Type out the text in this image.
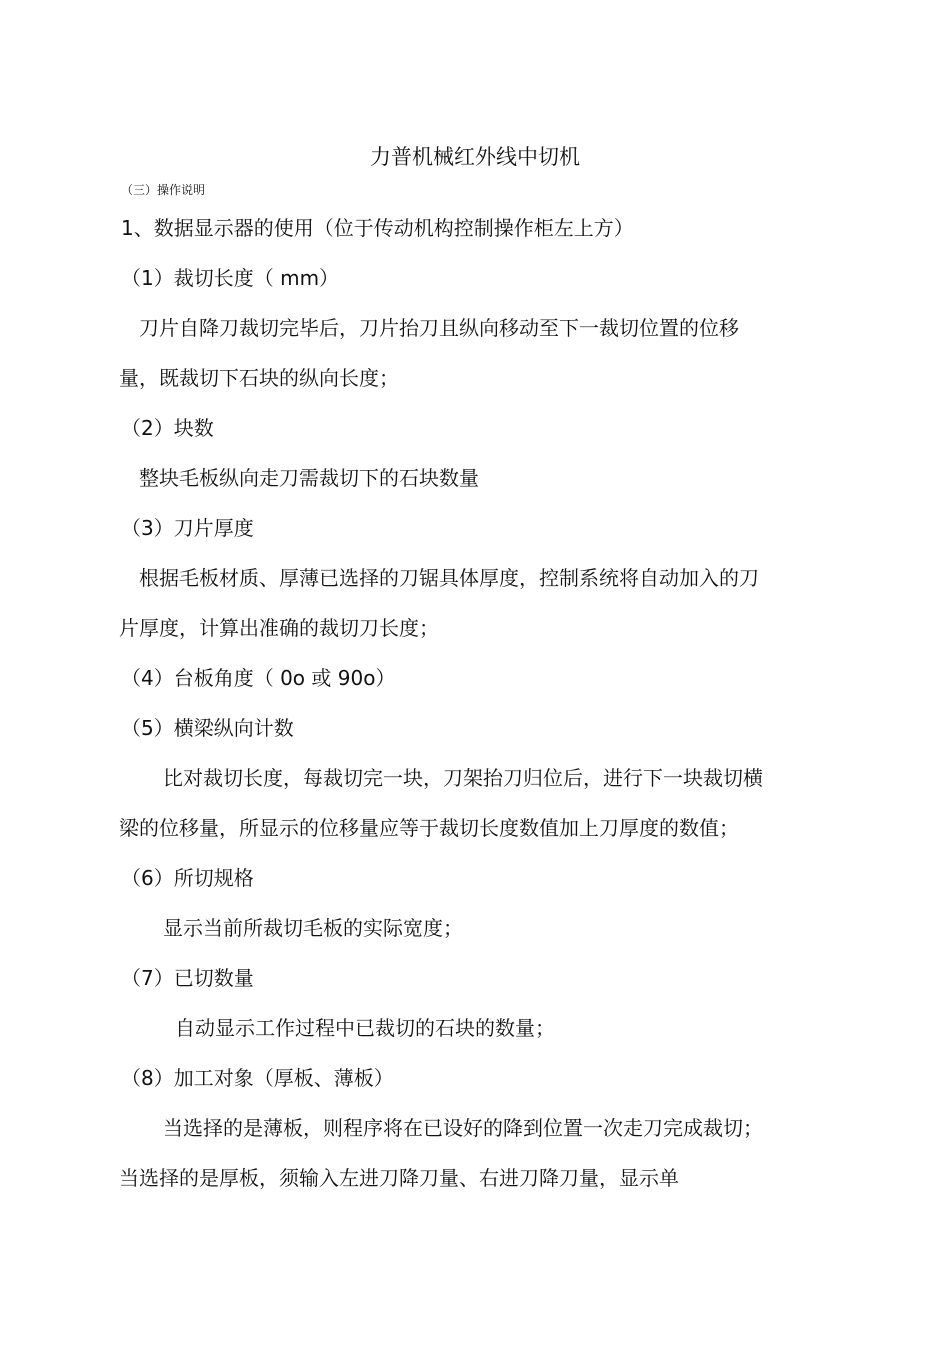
力普机械红外线中切机
（三）操作说明
1、数据显示器的使用（位于传动机构控制操作柜左上方）
（1）裁切长度（ mm）
刀片自降刀裁切完毕后，刀片抬刀且纵向移动至下一裁切位置的位移
量，既裁切下石块的纵向长度；
（2）块数
整块毛板纵向走刀需裁切下的石块数量
（3）刀片厚度
根据毛板材质、厚薄已选择的刀锯具体厚度，控制系统将自动加入的刀
片厚度，计算出准确的裁切刀长度；
（4）台板角度（ 0o 或 90o）
（5）横梁纵向计数
比对裁切长度，每裁切完一块，刀架抬刀归位后，进行下一块裁切横
梁的位移量，所显示的位移量应等于裁切长度数值加上刀厚度的数值；
（6）所切规格
显示当前所裁切毛板的实际宽度；
（7）已切数量
自动显示工作过程中已裁切的石块的数量；
（8）加工对象（厚板、薄板）
当选择的是薄板，则程序将在已设好的降到位置一次走刀完成裁切；
当选择的是厚板，须输入左进刀降刀量、右进刀降刀量，显示单
